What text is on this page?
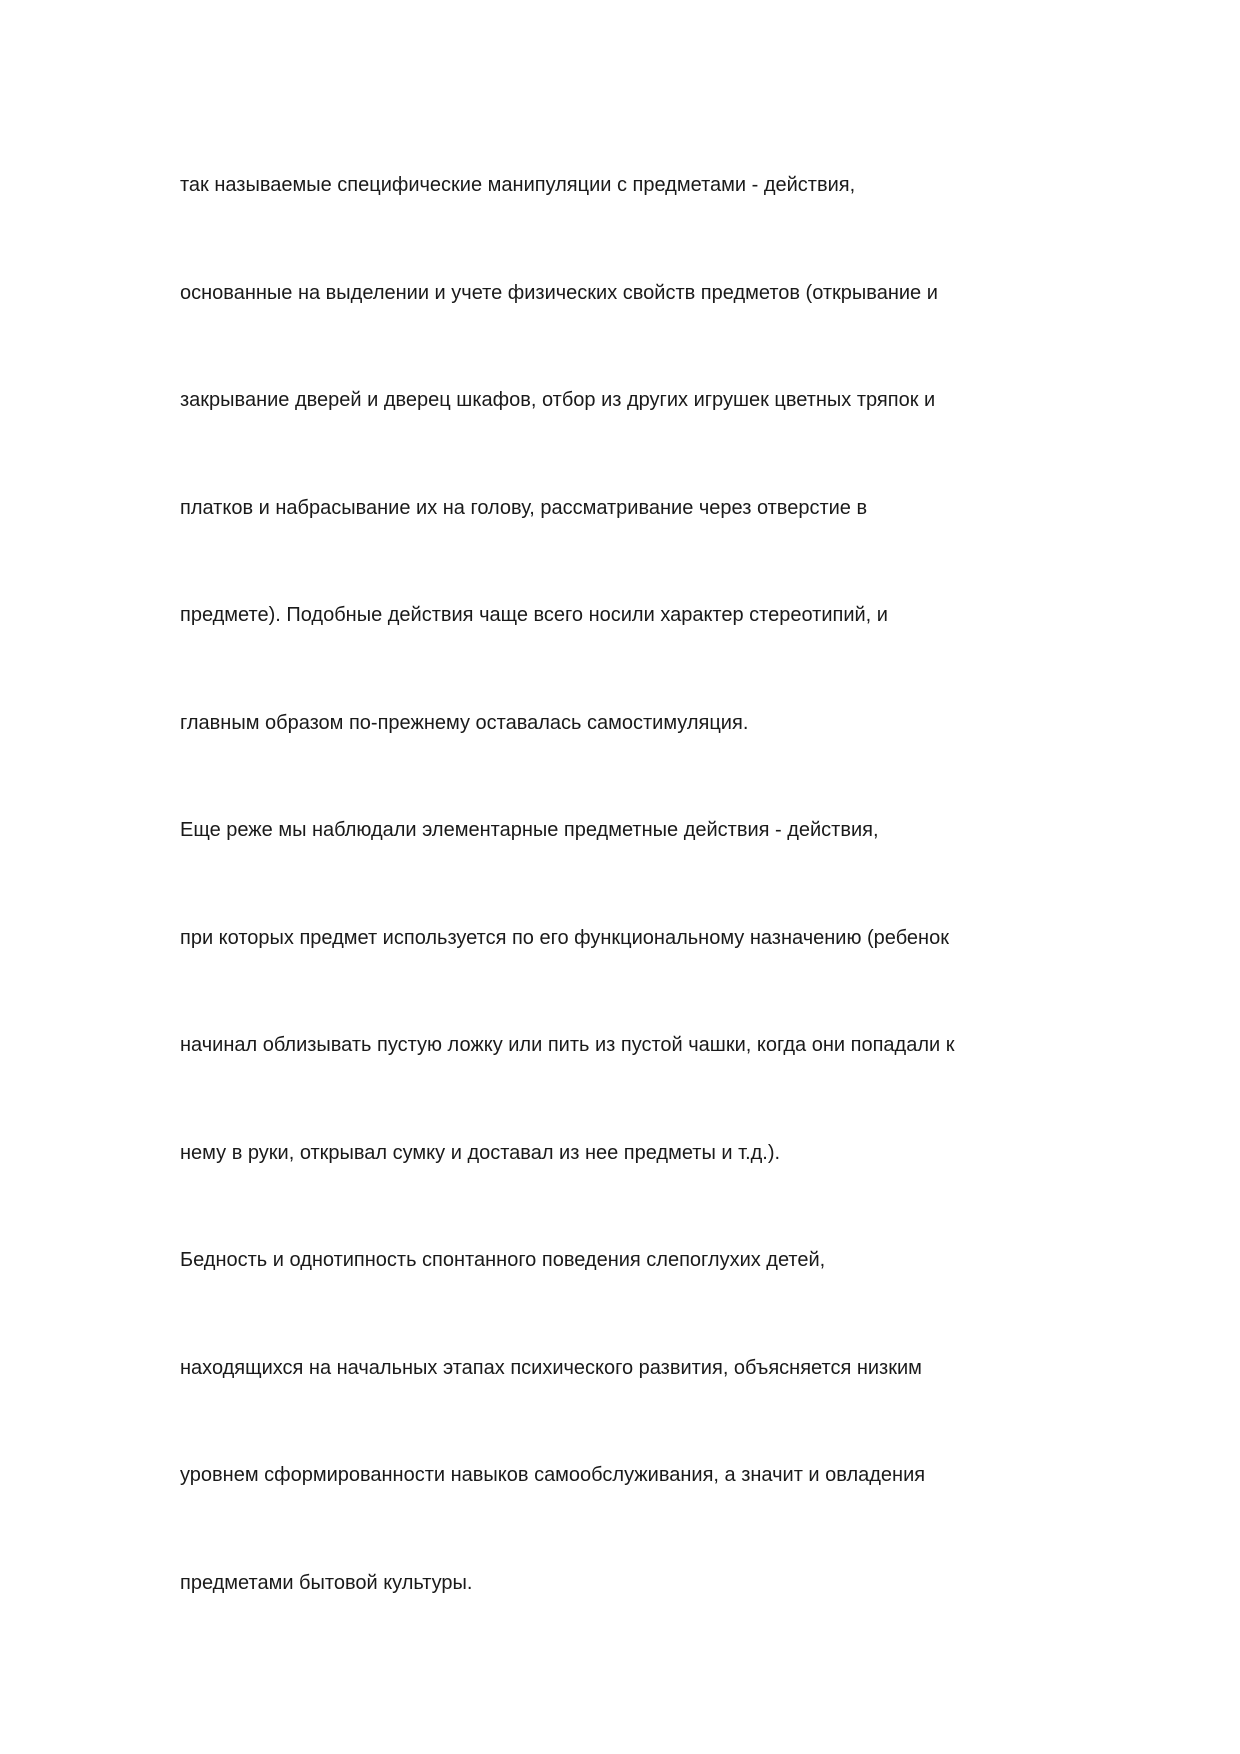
так называемые специфические манипуляции с предметами - действия,
основанные на выделении и учете физических свойств предметов (открывание и
закрывание дверей и дверец шкафов, отбор из других игрушек цветных тряпок и
платков и набрасывание их на голову, рассматривание через отверстие в
предмете). Подобные действия чаще всего носили характер стереотипий, и
главным образом по-прежнему оставалась самостимуляция.
Еще реже мы наблюдали элементарные предметные действия - действия,
при которых предмет используется по его функциональному назначению (ребенок
начинал облизывать пустую ложку или пить из пустой чашки, когда они попадали к
нему в руки, открывал сумку и доставал из нее предметы и т.д.).
Бедность и однотипность спонтанного поведения слепоглухих детей,
находящихся на начальных этапах психического развития, объясняется низким
уровнем сформированности навыков самообслуживания, а значит и овладения
предметами бытовой культуры.
